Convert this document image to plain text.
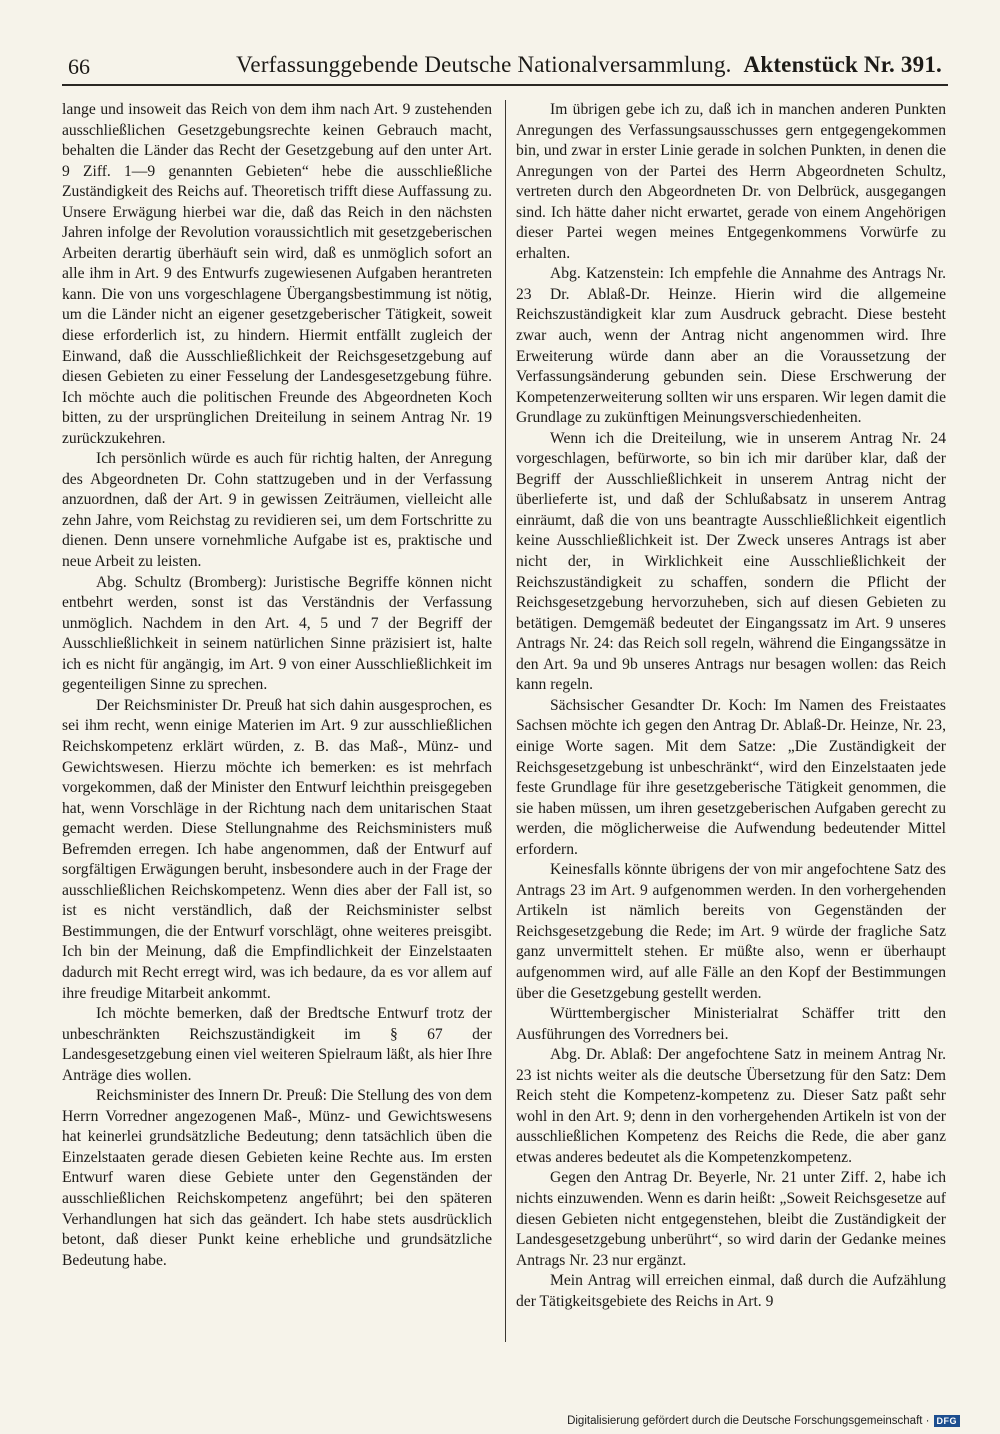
66	Verfassunggebende Deutsche Nationalversammlung. Aktenstück Nr. 391.

lange und insoweit das Reich von dem ihm nach Art. 9 zustehenden ausschließlichen Gesetzgebungsrechte keinen Gebrauch macht, behalten die Länder das Recht der Gesetzgebung auf den unter Art. 9 Ziff. 1—9 genannten Gebieten“ hebe die ausschließliche Zuständigkeit des Reichs auf. Theoretisch trifft diese Auffassung zu. Unsere Erwägung hierbei war die, daß das Reich in den nächsten Jahren infolge der Revolution voraussichtlich mit gesetzgeberischen Arbeiten derartig überhäuft sein wird, daß es unmöglich sofort an alle ihm in Art. 9 des Entwurfs zugewiesenen Aufgaben herantreten kann. Die von uns vorgeschlagene Übergangsbestimmung ist nötig, um die Länder nicht an eigener gesetzgeberischer Tätigkeit, soweit diese erforderlich ist, zu hindern. Hiermit entfällt zugleich der Einwand, daß die Ausschließlichkeit der Reichsgesetzgebung auf diesen Gebieten zu einer Fesselung der Landesgesetzgebung führe. Ich möchte auch die politischen Freunde des Abgeordneten Koch bitten, zu der ursprünglichen Dreiteilung in seinem Antrag Nr. 19 zurückzukehren.

Ich persönlich würde es auch für richtig halten, der Anregung des Abgeordneten Dr. Cohn stattzugeben und in der Verfassung anzuordnen, daß der Art. 9 in gewissen Zeiträumen, vielleicht alle zehn Jahre, vom Reichstag zu revidieren sei, um dem Fortschritte zu dienen. Denn unsere vornehmliche Aufgabe ist es, praktische und neue Arbeit zu leisten.

Abg. Schultz (Bromberg): Juristische Begriffe können nicht entbehrt werden, sonst ist das Verständnis der Verfassung unmöglich. Nachdem in den Art. 4, 5 und 7 der Begriff der Ausschließlichkeit in seinem natürlichen Sinne präzisiert ist, halte ich es nicht für angängig, im Art. 9 von einer Ausschließlichkeit im gegenteiligen Sinne zu sprechen.

Der Reichsminister Dr. Preuß hat sich dahin ausgesprochen, es sei ihm recht, wenn einige Materien im Art. 9 zur ausschließlichen Reichskompetenz erklärt würden, z. B. das Maß-, Münz- und Gewichtswesen. Hierzu möchte ich bemerken: es ist mehrfach vorgekommen, daß der Minister den Entwurf leichthin preisgegeben hat, wenn Vorschläge in der Richtung nach dem unitarischen Staat gemacht werden. Diese Stellungnahme des Reichsministers muß Befremden erregen. Ich habe angenommen, daß der Entwurf auf sorgfältigen Erwägungen beruht, insbesondere auch in der Frage der ausschließlichen Reichskompetenz. Wenn dies aber der Fall ist, so ist es nicht verständlich, daß der Reichsminister selbst Bestimmungen, die der Entwurf vorschlägt, ohne weiteres preisgibt. Ich bin der Meinung, daß die Empfindlichkeit der Einzelstaaten dadurch mit Recht erregt wird, was ich bedaure, da es vor allem auf ihre freudige Mitarbeit ankommt.

Ich möchte bemerken, daß der Bredtsche Entwurf trotz der unbeschränkten Reichszuständigkeit im § 67 der Landesgesetzgebung einen viel weiteren Spielraum läßt, als hier Ihre Anträge dies wollen.

Reichsminister des Innern Dr. Preuß: Die Stellung des von dem Herrn Vorredner angezogenen Maß-, Münz- und Gewichtswesens hat keinerlei grundsätzliche Bedeutung; denn tatsächlich üben die Einzelstaaten gerade diesen Gebieten keine Rechte aus. Im ersten Entwurf waren diese Gebiete unter den Gegenständen der ausschließlichen Reichskompetenz angeführt; bei den späteren Verhandlungen hat sich das geändert. Ich habe stets ausdrücklich betont, daß dieser Punkt keine erhebliche und grundsätzliche Bedeutung habe.

Im übrigen gebe ich zu, daß ich in manchen anderen Punkten Anregungen des Verfassungsausschusses gern entgegengekommen bin, und zwar in erster Linie gerade in solchen Punkten, in denen die Anregungen von der Partei des Herrn Abgeordneten Schultz, vertreten durch den Abgeordneten Dr. von Delbrück, ausgegangen sind. Ich hätte daher nicht erwartet, gerade von einem Angehörigen dieser Partei wegen meines Entgegenkommens Vorwürfe zu erhalten.

Abg. Katzenstein: Ich empfehle die Annahme des Antrags Nr. 23 Dr. Ablaß-Dr. Heinze. Hierin wird die allgemeine Reichszuständigkeit klar zum Ausdruck gebracht. Diese besteht zwar auch, wenn der Antrag nicht angenommen wird. Ihre Erweiterung würde dann aber an die Voraussetzung der Verfassungsänderung gebunden sein. Diese Erschwerung der Kompetenzerweiterung sollten wir uns ersparen. Wir legen damit die Grundlage zu zukünftigen Meinungsverschiedenheiten.

Wenn ich die Dreiteilung, wie in unserem Antrag Nr. 24 vorgeschlagen, befürworte, so bin ich mir darüber klar, daß der Begriff der Ausschließlichkeit in unserem Antrag nicht der überlieferte ist, und daß der Schlußabsatz in unserem Antrag einräumt, daß die von uns beantragte Ausschließlichkeit eigentlich keine Ausschließlichkeit ist. Der Zweck unseres Antrags ist aber nicht der, in Wirklichkeit eine Ausschließlichkeit der Reichszuständigkeit zu schaffen, sondern die Pflicht der Reichsgesetzgebung hervorzuheben, sich auf diesen Gebieten zu betätigen. Demgemäß bedeutet der Eingangssatz im Art. 9 unseres Antrags Nr. 24: das Reich soll regeln, während die Eingangssätze in den Art. 9a und 9b unseres Antrags nur besagen wollen: das Reich kann regeln.

Sächsischer Gesandter Dr. Koch: Im Namen des Freistaates Sachsen möchte ich gegen den Antrag Dr. Ablaß-Dr. Heinze, Nr. 23, einige Worte sagen. Mit dem Satze: „Die Zuständigkeit der Reichsgesetzgebung ist unbeschränkt“, wird den Einzelstaaten jede feste Grundlage für ihre gesetzgeberische Tätigkeit genommen, die sie haben müssen, um ihren gesetzgeberischen Aufgaben gerecht zu werden, die möglicherweise die Aufwendung bedeutender Mittel erfordern.

Keinesfalls könnte übrigens der von mir angefochtene Satz des Antrags 23 im Art. 9 aufgenommen werden. In den vorhergehenden Artikeln ist nämlich bereits von Gegenständen der Reichsgesetzgebung die Rede; im Art. 9 würde der fragliche Satz ganz unvermittelt stehen. Er müßte also, wenn er überhaupt aufgenommen wird, auf alle Fälle an den Kopf der Bestimmungen über die Gesetzgebung gestellt werden.

Württembergischer Ministerialrat Schäffer tritt den Ausführungen des Vorredners bei.

Abg. Dr. Ablaß: Der angefochtene Satz in meinem Antrag Nr. 23 ist nichts weiter als die deutsche Übersetzung für den Satz: Dem Reich steht die Kompetenz-kompetenz zu. Dieser Satz paßt sehr wohl in den Art. 9; denn in den vorhergehenden Artikeln ist von der ausschließlichen Kompetenz des Reichs die Rede, die aber ganz etwas anderes bedeutet als die Kompetenzkompetenz.

Gegen den Antrag Dr. Beyerle, Nr. 21 unter Ziff. 2, habe ich nichts einzuwenden. Wenn es darin heißt: „Soweit Reichsgesetze auf diesen Gebieten nicht entgegenstehen, bleibt die Zuständigkeit der Landesgesetzgebung unberührt“, so wird darin der Gedanke meines Antrags Nr. 23 nur ergänzt.

Mein Antrag will erreichen einmal, daß durch die Aufzählung der Tätigkeitsgebiete des Reichs in Art. 9

Digitalisierung gefördert durch die Deutsche Forschungsgemeinschaft · DFG
